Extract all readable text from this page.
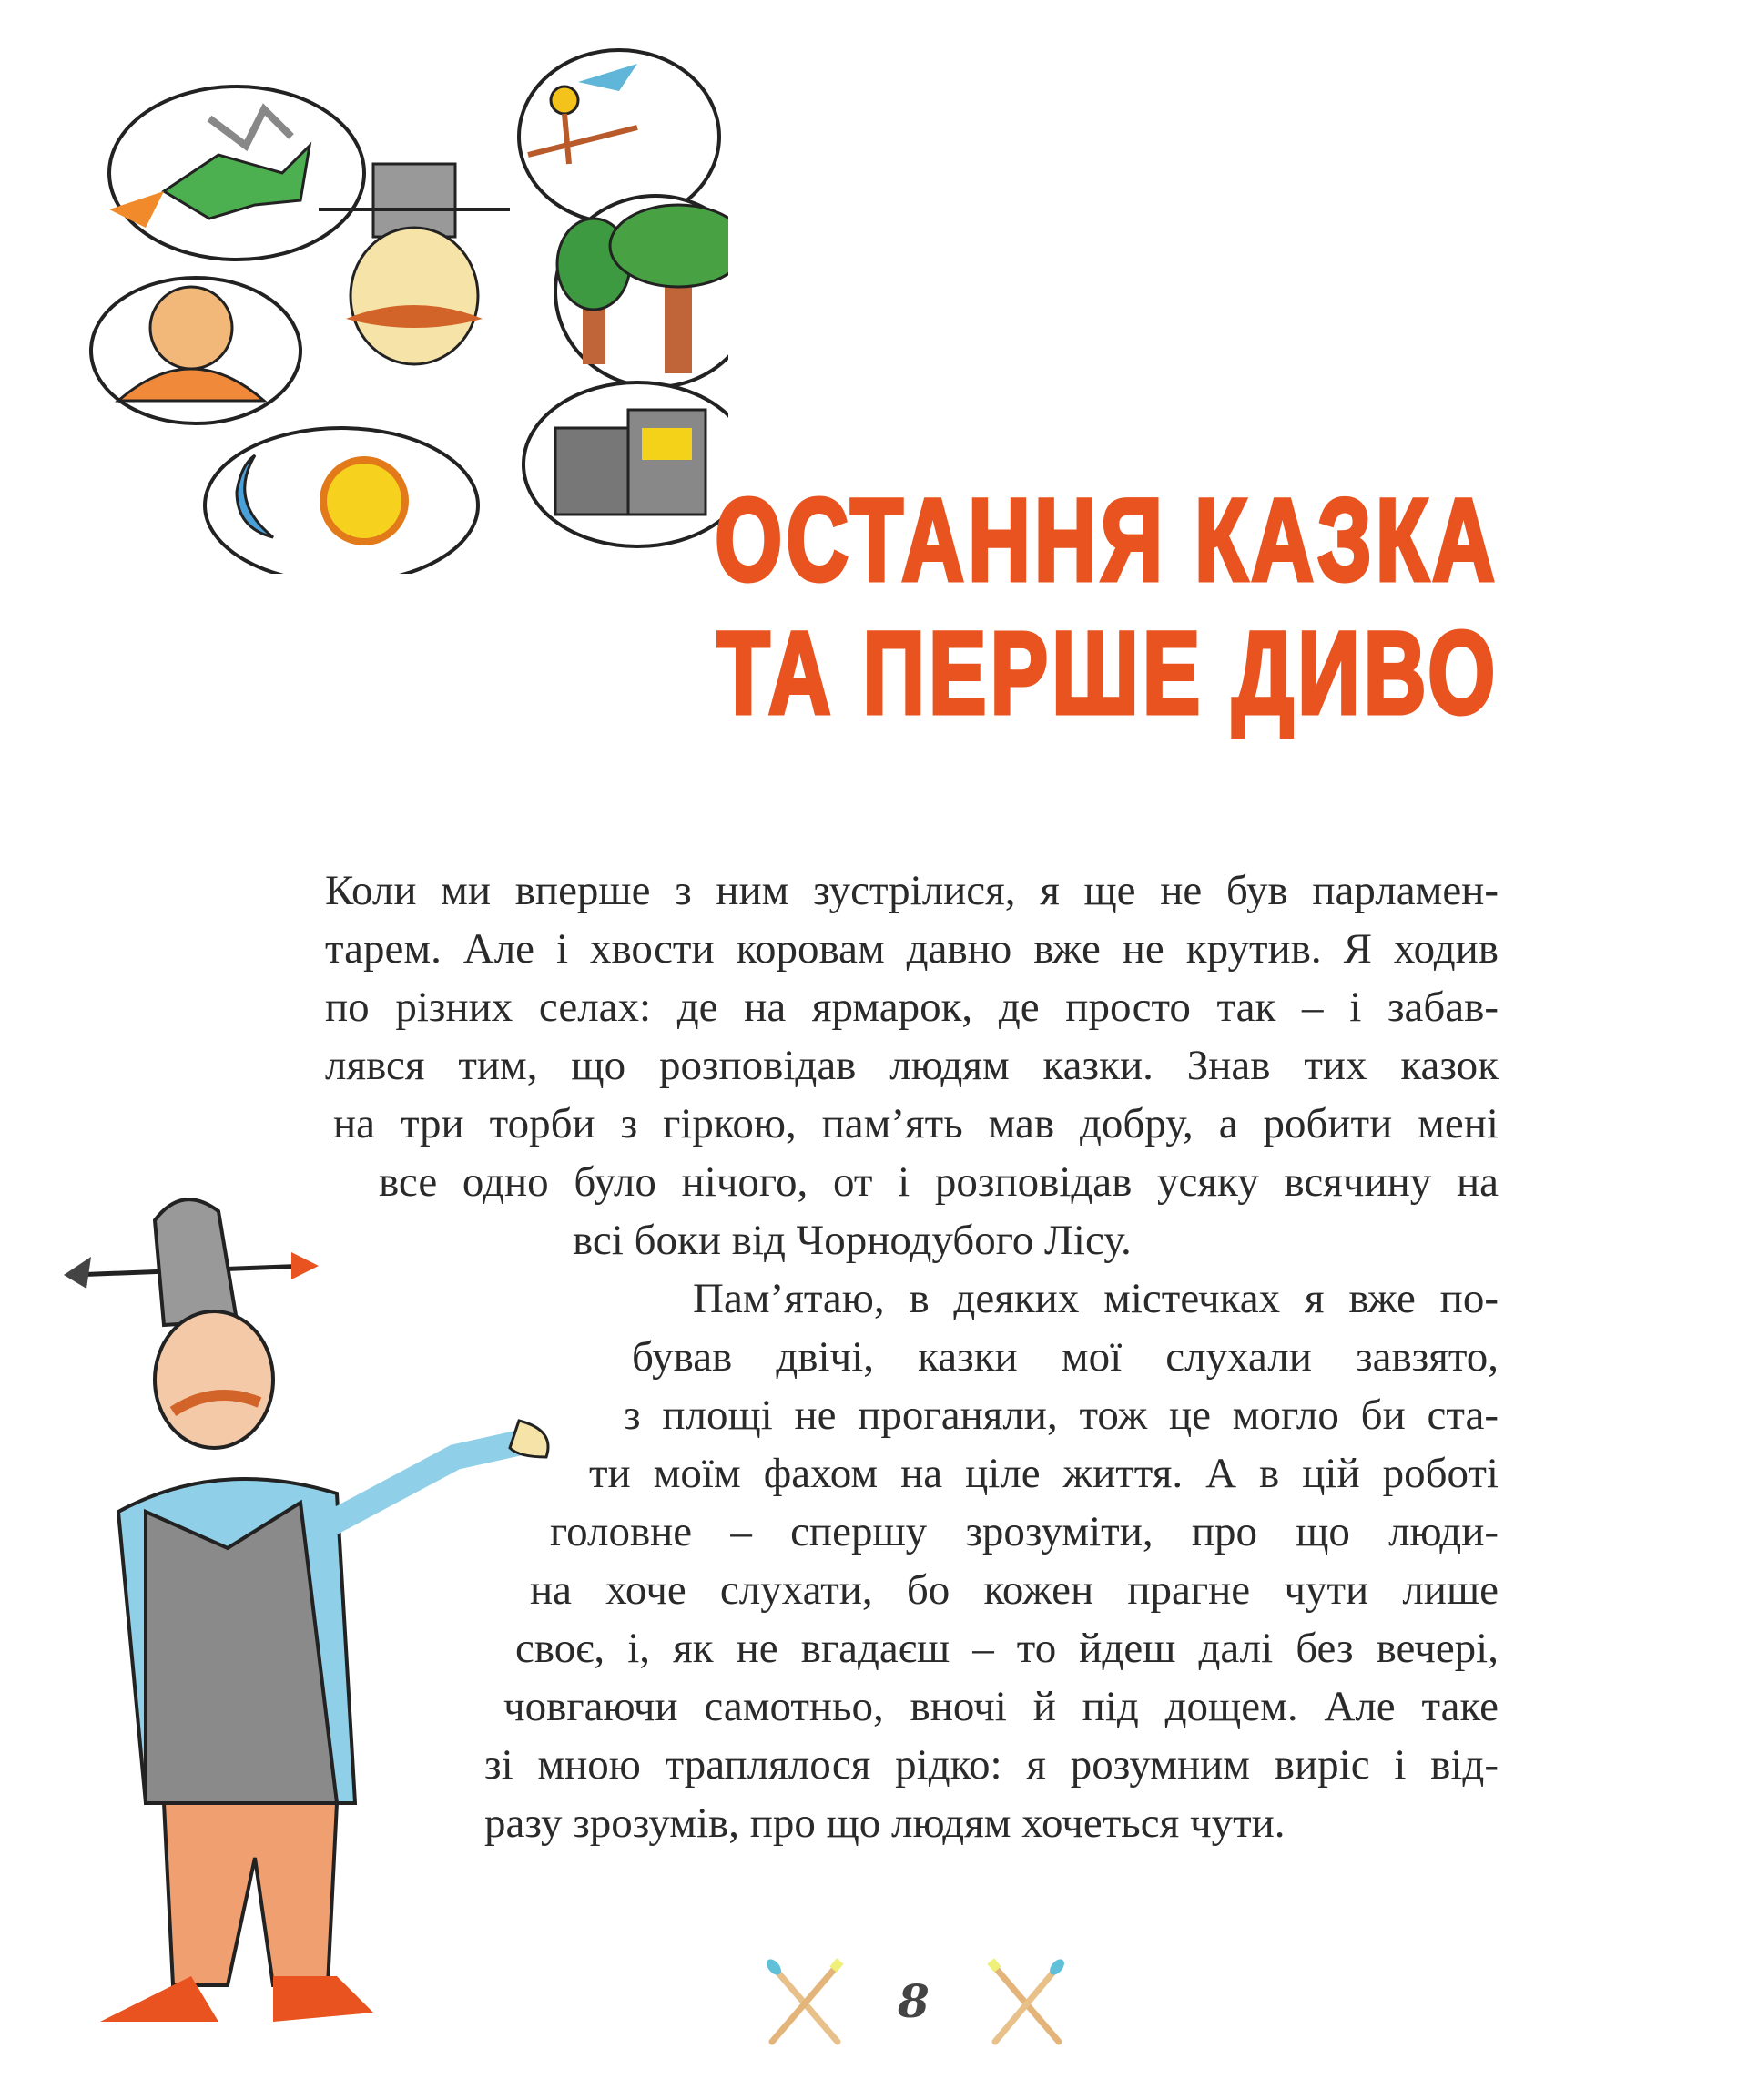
ОСТАННЯ КАЗКА
ТА ПЕРШЕ ДИВО
Коли ми вперше з ним зустрілися, я ще не був парламен-
тарем. Але і хвости коровам давно вже не крутив. Я ходив
по різних селах: де на ярмарок, де просто так – і забав-
лявся тим, що розповідав людям казки. Знав тих казок
на три торби з гіркою, пам’ять мав добру, а робити мені
все одно було нічого, от і розповідав усяку всячину на
всі боки від Чорнодубого Лісу.
Пам’ятаю, в деяких містечках я вже по-
бував двічі, казки мої слухали завзято,
з площі не проганяли, тож це могло би ста-
ти моїм фахом на ціле життя. А в цій роботі
головне – спершу зрозуміти, про що люди-
на хоче слухати, бо кожен прагне чути лише
своє, і, як не вгадаєш – то йдеш далі без вечері,
човгаючи самотньо, вночі й під дощем. Але таке
зі мною траплялося рідко: я розумним виріс і від-
разу зрозумів, про що людям хочеться чути.
8
